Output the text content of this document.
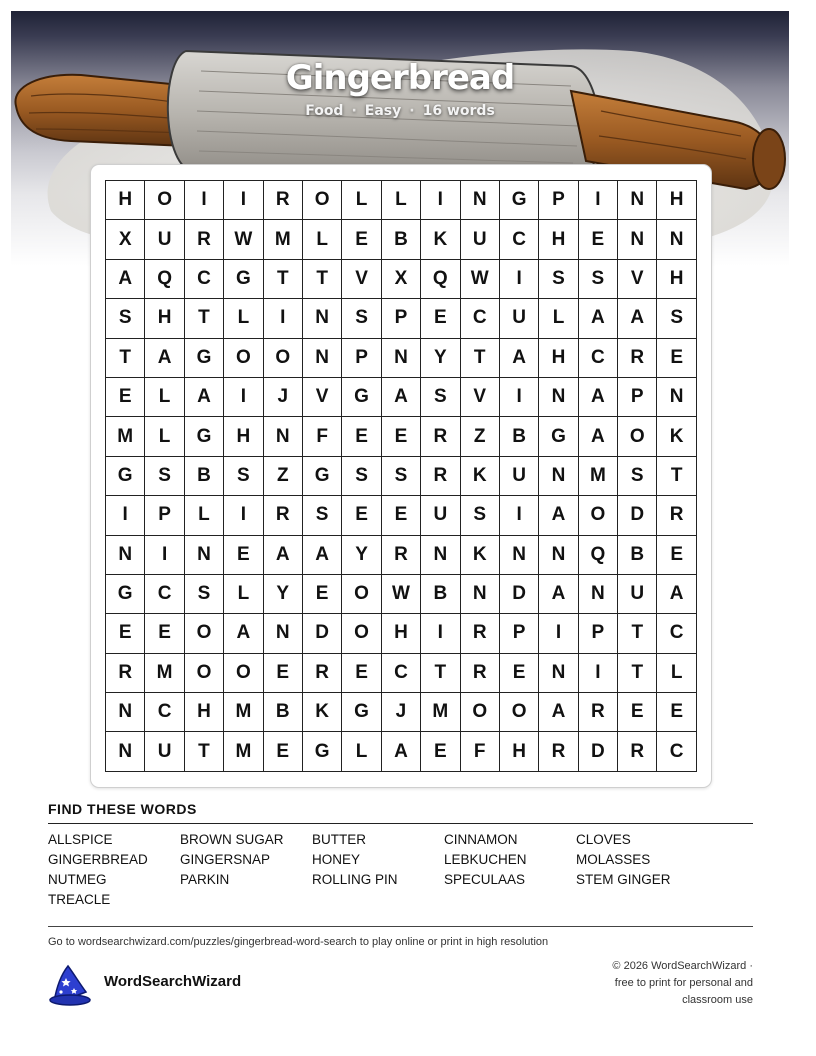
Gingerbread
Food · Easy · 16 words
H	O	I	I	R	O	L	L	I	N	G	P	I	N	H
X	U	R	W	M	L	E	B	K	U	C	H	E	N	N
A	Q	C	G	T	T	V	X	Q	W	I	S	S	V	H
S	H	T	L	I	N	S	P	E	C	U	L	A	A	S
T	A	G	O	O	N	P	N	Y	T	A	H	C	R	E
E	L	A	I	J	V	G	A	S	V	I	N	A	P	N
M	L	G	H	N	F	E	E	R	Z	B	G	A	O	K
G	S	B	S	Z	G	S	S	R	K	U	N	M	S	T
I	P	L	I	R	S	E	E	U	S	I	A	O	D	R
N	I	N	E	A	A	Y	R	N	K	N	N	Q	B	E
G	C	S	L	Y	E	O	W	B	N	D	A	N	U	A
E	E	O	A	N	D	O	H	I	R	P	I	P	T	C
R	M	O	O	E	R	E	C	T	R	E	N	I	T	L
N	C	H	M	B	K	G	J	M	O	O	A	R	E	E
N	U	T	M	E	G	L	A	E	F	H	R	D	R	C
FIND THESE WORDS
ALLSPICE	BROWN SUGAR	BUTTER	CINNAMON	CLOVES
GINGERBREAD	GINGERSNAP	HONEY	LEBKUCHEN	MOLASSES
NUTMEG	PARKIN	ROLLING PIN	SPECULAAS	STEM GINGER
TREACLE
Go to wordsearchwizard.com/puzzles/gingerbread-word-search to play online or print in high resolution
WordSearchWizard
© 2026 WordSearchWizard ·
free to print for personal and
classroom use
